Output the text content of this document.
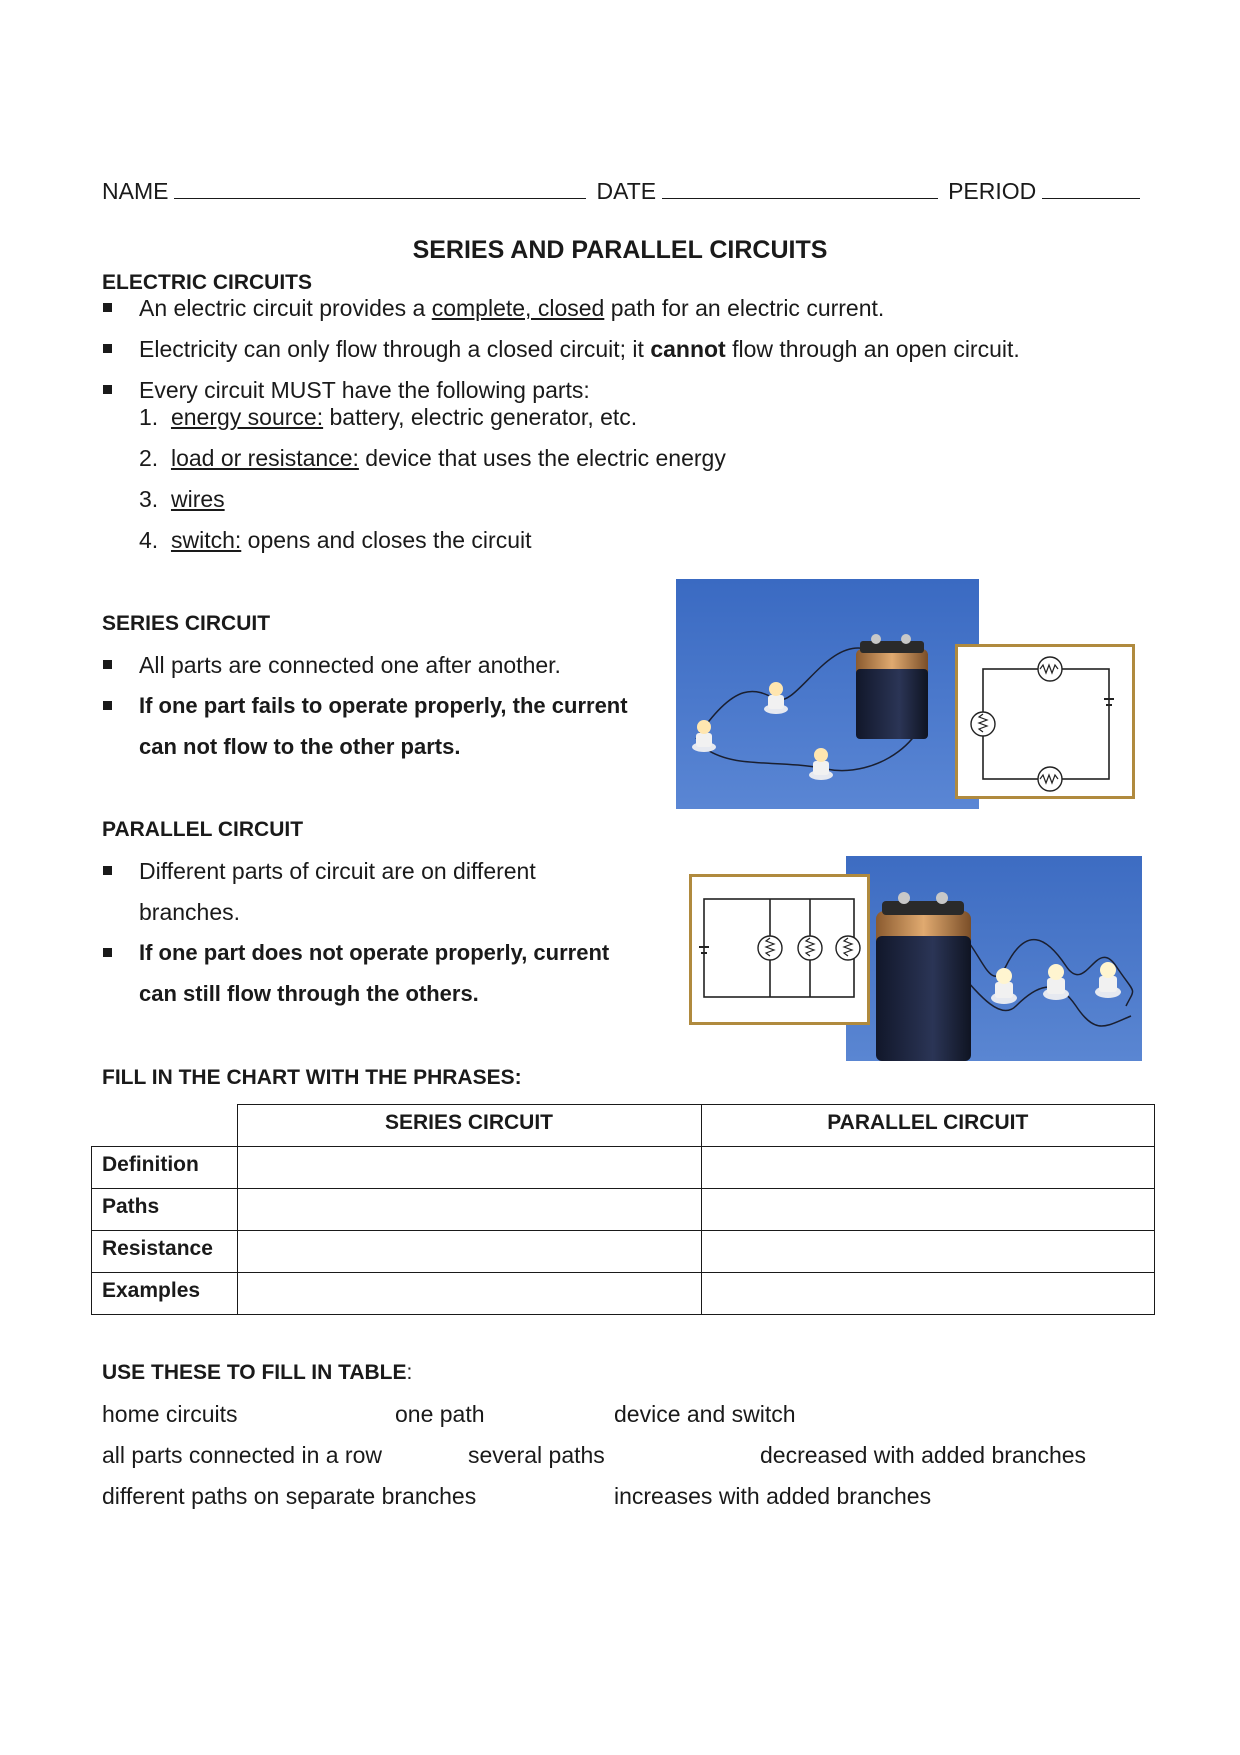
NAME	DATE	PERIOD
SERIES AND PARALLEL CIRCUITS
ELECTRIC CIRCUITS
An electric circuit provides a complete, closed path for an electric current.
Electricity can only flow through a closed circuit; it cannot flow through an open circuit.
Every circuit MUST have the following parts:
1. energy source: battery, electric generator, etc.
2. load or resistance: device that uses the electric energy
3. wires
4. switch: opens and closes the circuit
SERIES CIRCUIT
All parts are connected one after another.
If one part fails to operate properly, the current
can not flow to the other parts.
PARALLEL CIRCUIT
Different parts of circuit are on different
branches.
If one part does not operate properly, current
can still flow through the others.
FILL IN THE CHART WITH THE PHRASES:
	SERIES CIRCUIT	PARALLEL CIRCUIT
Definition		
Paths		
Resistance		
Examples		
USE THESE TO FILL IN TABLE:
home circuits	one path	device and switch
all parts connected in a row	several paths	decreased with added branches
different paths on separate branches	increases with added branches
